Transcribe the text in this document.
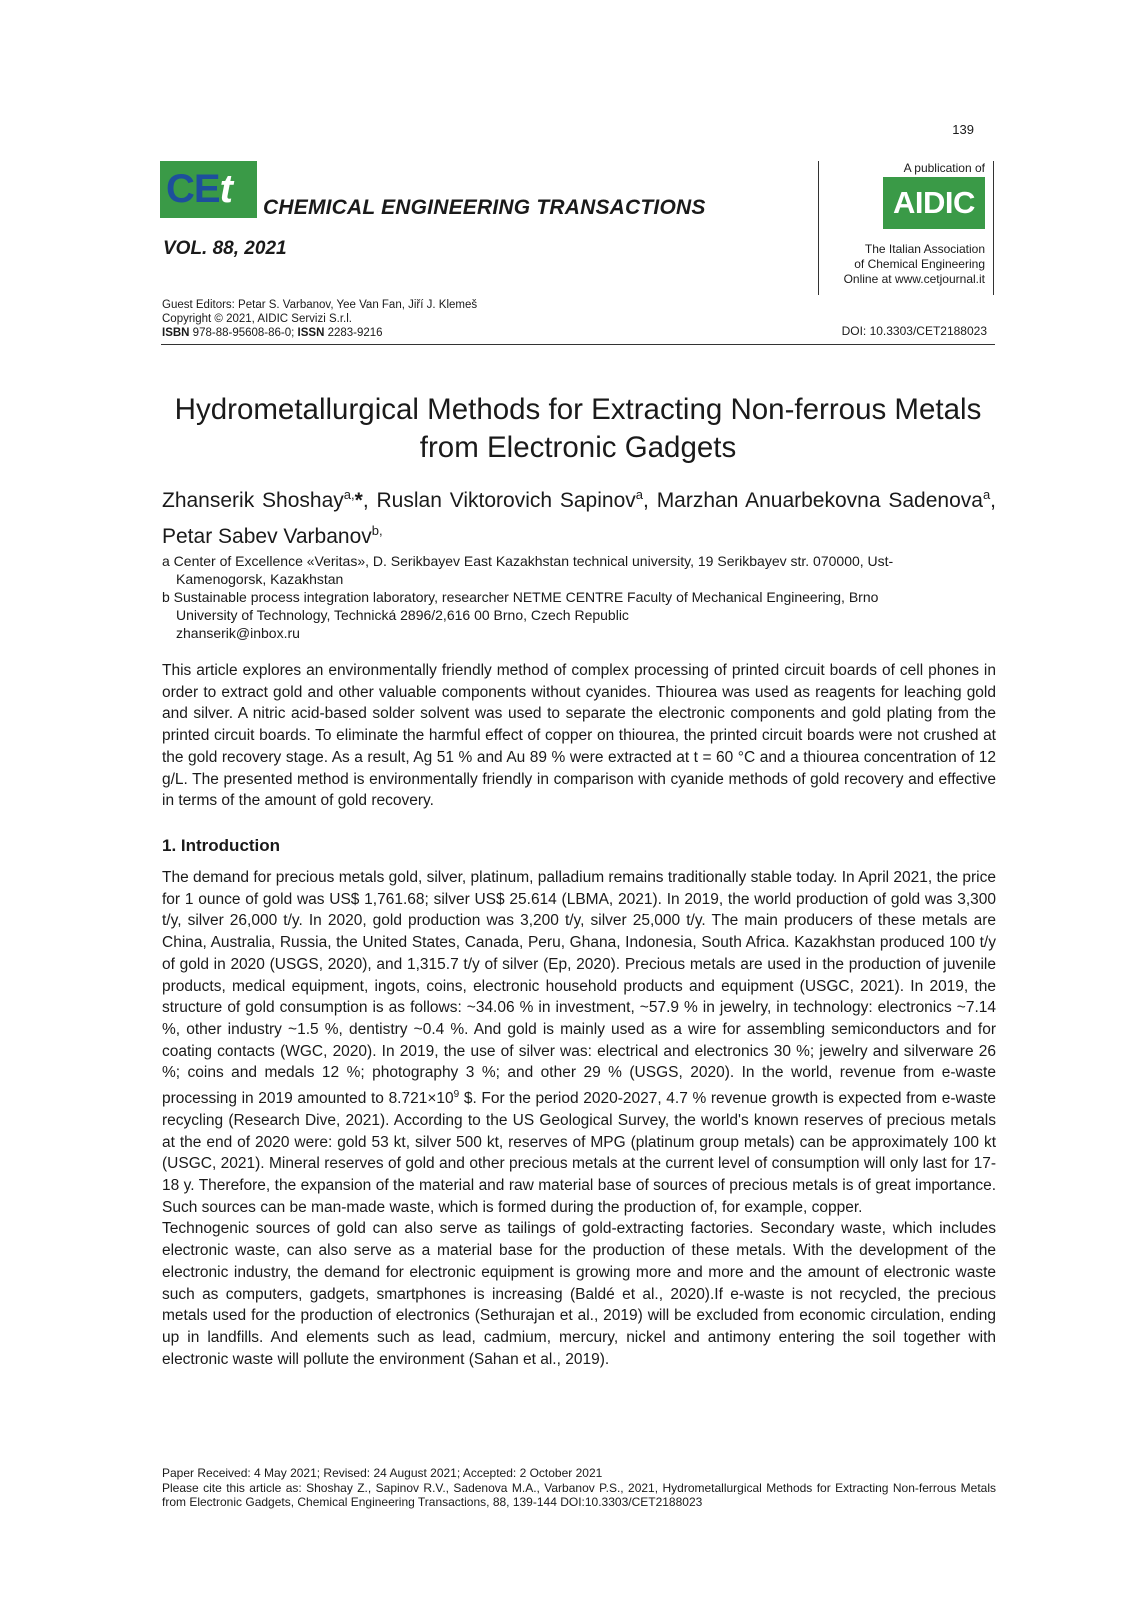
139
CEt CHEMICAL ENGINEERING TRANSACTIONS
VOL. 88, 2021
A publication of
AIDIC
The Italian Association
of Chemical Engineering
Online at www.cetjournal.it
Guest Editors: Petar S. Varbanov, Yee Van Fan, Jiří J. Klemeš
Copyright © 2021, AIDIC Servizi S.r.l.
ISBN 978-88-95608-86-0; ISSN 2283-9216	DOI: 10.3303/CET2188023
Hydrometallurgical Methods for Extracting Non-ferrous Metals
from Electronic Gadgets
Zhanserik Shoshay$^{a,}$*, Ruslan Viktorovich Sapinov$^a$, Marzhan Anuarbekovna Sadenova$^a$, Petar Sabev Varbanov$^{b,}$
a Center of Excellence «Veritas», D. Serikbayev East Kazakhstan technical university, 19 Serikbayev str. 070000, Ust-
Kamenogorsk, Kazakhstan
b Sustainable process integration laboratory, researcher NETME CENTRE Faculty of Mechanical Engineering, Brno
University of Technology, Technická 2896/2,616 00 Brno, Czech Republic
zhanserik@inbox.ru
This article explores an environmentally friendly method of complex processing of printed circuit boards of cell phones in order to extract gold and other valuable components without cyanides. Thiourea was used as reagents for leaching gold and silver. A nitric acid-based solder solvent was used to separate the electronic components and gold plating from the printed circuit boards. To eliminate the harmful effect of copper on thiourea, the printed circuit boards were not crushed at the gold recovery stage. As a result, Ag 51 % and Au 89 % were extracted at t = 60 °C and a thiourea concentration of 12 g/L. The presented method is environmentally friendly in comparison with cyanide methods of gold recovery and effective in terms of the amount of gold recovery.
1. Introduction

The demand for precious metals gold, silver, platinum, palladium remains traditionally stable today. In April 2021, the price for 1 ounce of gold was US$ 1,761.68; silver US$ 25.614 (LBMA, 2021). In 2019, the world production of gold was 3,300 t/y, silver 26,000 t/y. In 2020, gold production was 3,200 t/y, silver 25,000 t/y. The main producers of these metals are China, Australia, Russia, the United States, Canada, Peru, Ghana, Indonesia, South Africa. Kazakhstan produced 100 t/y of gold in 2020 (USGS, 2020), and 1,315.7 t/y of silver (Ep, 2020). Precious metals are used in the production of juvenile products, medical equipment, ingots, coins, electronic household products and equipment (USGC, 2021). In 2019, the structure of gold consumption is as follows: ~34.06 % in investment, ~57.9 % in jewelry, in technology: electronics ~7.14 %, other industry ~1.5 %, dentistry ~0.4 %. And gold is mainly used as a wire for assembling semiconductors and for coating contacts (WGC, 2020). In 2019, the use of silver was: electrical and electronics 30 %; jewelry and silverware 26 %; coins and medals 12 %; photography 3 %; and other 29 % (USGS, 2020). In the world, revenue from e-waste processing in 2019 amounted to $8.721\times 10^9$ $. For the period 2020-2027, 4.7 % revenue growth is expected from e-waste recycling (Research Dive, 2021). According to the US Geological Survey, the world's known reserves of precious metals at the end of 2020 were: gold 53 kt, silver 500 kt, reserves of MPG (platinum group metals) can be approximately 100 kt (USGC, 2021). Mineral reserves of gold and other precious metals at the current level of consumption will only last for 17-18 y. Therefore, the expansion of the material and raw material base of sources of precious metals is of great importance. Such sources can be man-made waste, which is formed during the production of, for example, copper.

Technogenic sources of gold can also serve as tailings of gold-extracting factories. Secondary waste, which includes electronic waste, can also serve as a material base for the production of these metals. With the development of the electronic industry, the demand for electronic equipment is growing more and more and the amount of electronic waste such as computers, gadgets, smartphones is increasing (Baldé et al., 2020).If e-waste is not recycled, the precious metals used for the production of electronics (Sethurajan et al., 2019) will be excluded from economic circulation, ending up in landfills. And elements such as lead, cadmium, mercury, nickel and antimony entering the soil together with electronic waste will pollute the environment (Sahan et al., 2019).

Paper Received: 4 May 2021; Revised: 24 August 2021; Accepted: 2 October 2021
Please cite this article as: Shoshay Z., Sapinov R.V., Sadenova M.A., Varbanov P.S., 2021, Hydrometallurgical Methods for Extracting Non-ferrous Metals from Electronic Gadgets, Chemical Engineering Transactions, 88, 139-144 DOI:10.3303/CET2188023
